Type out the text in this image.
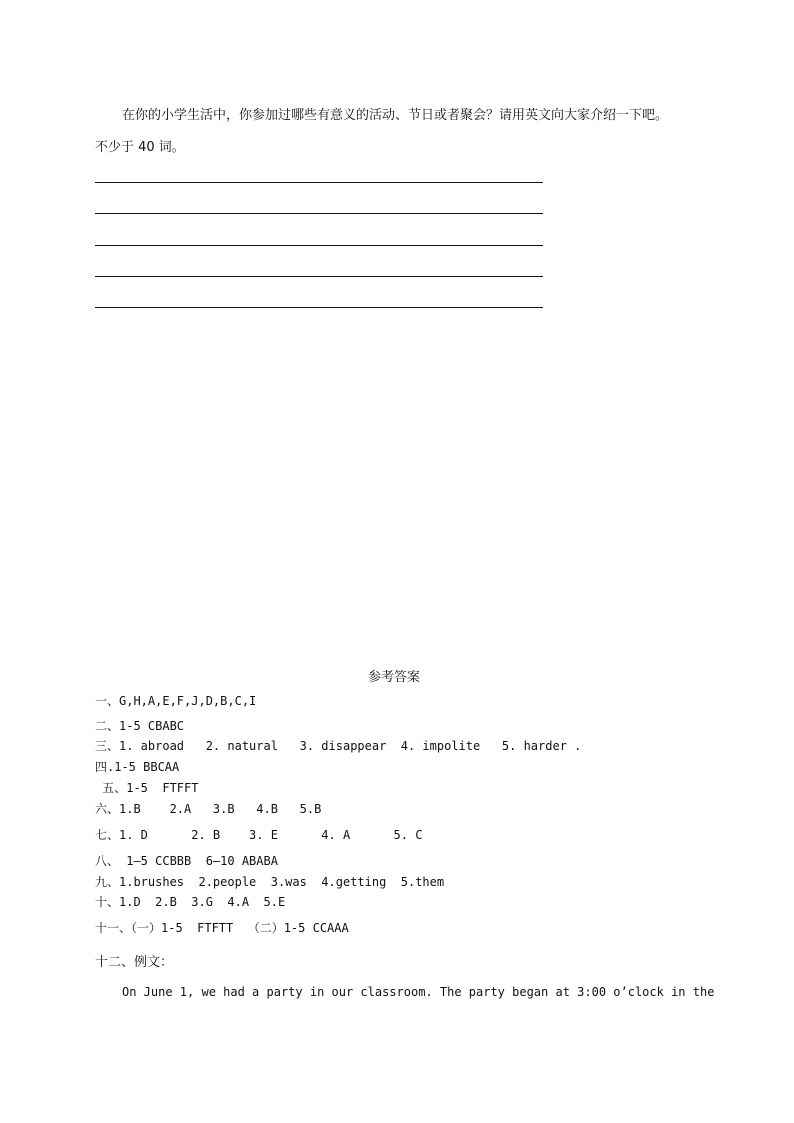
在你的小学生活中，你参加过哪些有意义的活动、节日或者聚会？请用英文向大家介绍一下吧。
不少于 40 词。
参考答案
一、G,H,A,E,F,J,D,B,C,I
二、1-5 CBABC
三、1. abroad   2. natural   3. disappear  4. impolite   5. harder .
四.1-5 BBCAA
五、1-5  FTFFT
六、1.B    2.A   3.B   4.B   5.B
七、1. D      2. B    3. E      4. A      5. C
八、 1—5 CCBBB  6—10 ABABA
九、1.brushes  2.people  3.was  4.getting  5.them
十、1.D  2.B  3.G  4.A  5.E
十一、（一）1-5  FTFTT  （二）1-5 CCAAA
十二、例文：
On June 1, we had a party in our classroom. The party began at 3:00 o’clock in the
